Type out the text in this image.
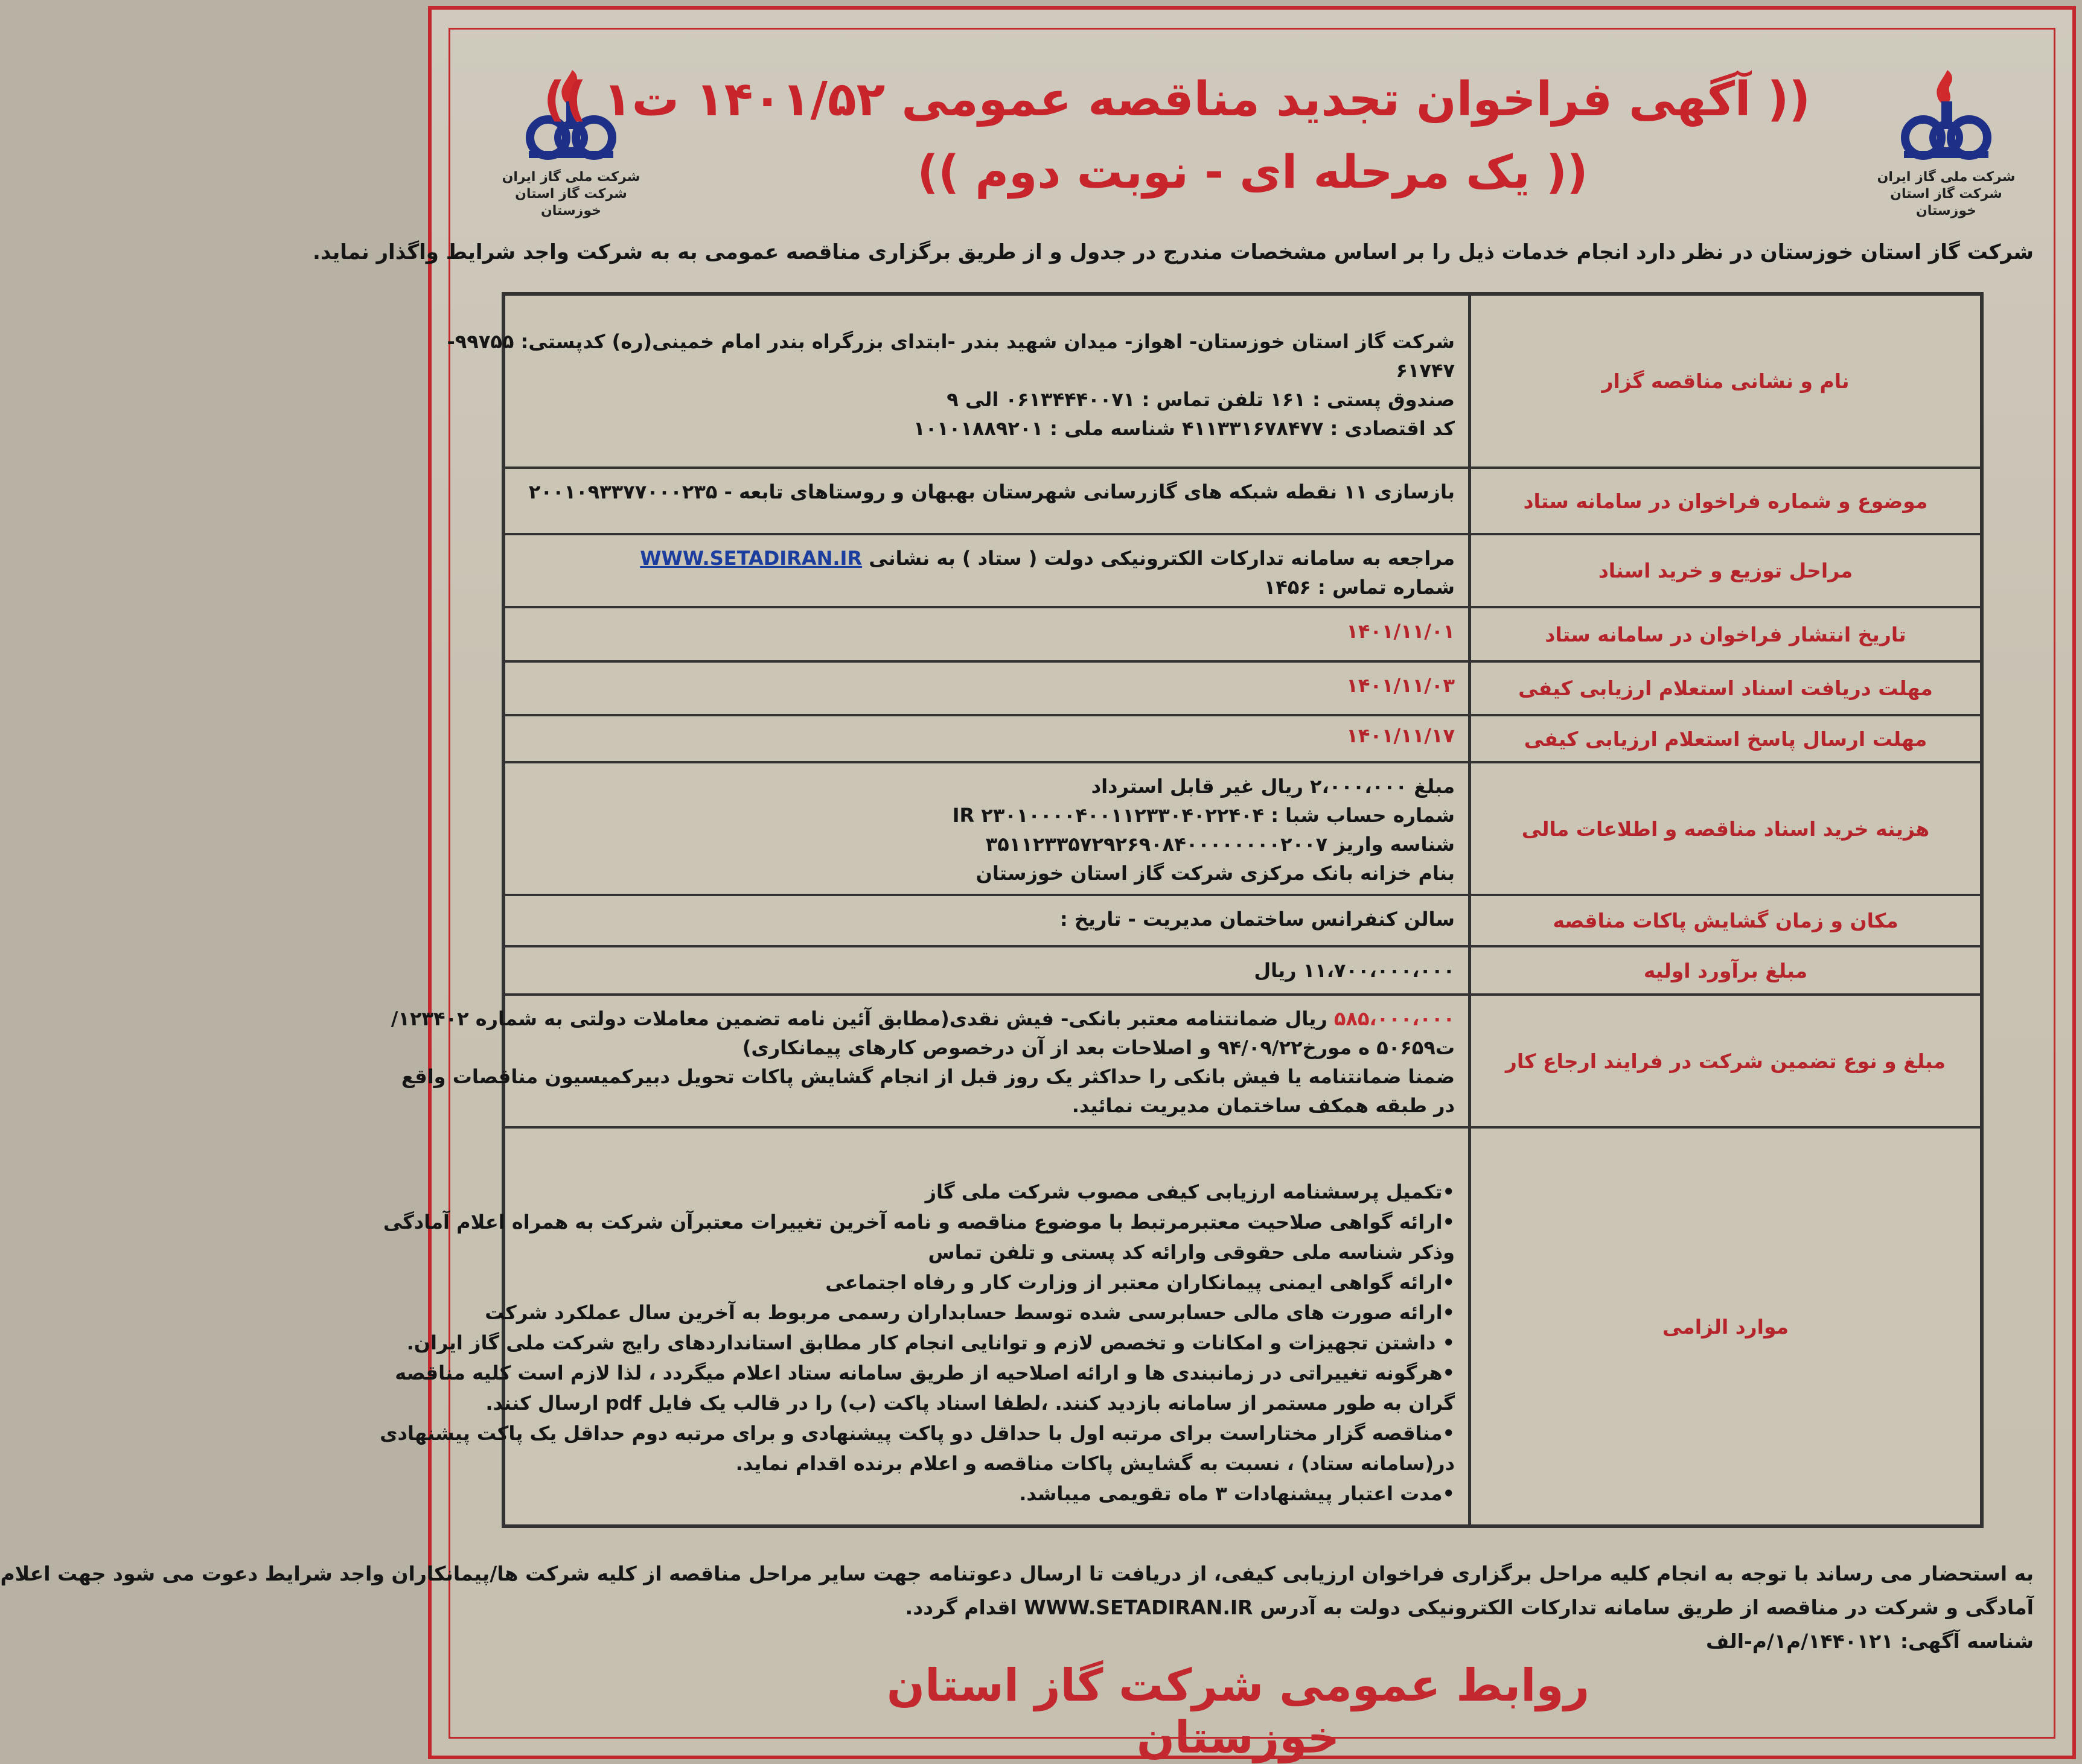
شرکت ملی گاز ایران
شرکت گاز استان خوزستان
شرکت ملی گاز ایران
شرکت گاز استان خوزستان
(( آگهی فراخوان تجدید مناقصه عمومی ۱۴۰۱/۵۲ ت۱ ))
(( یک مرحله ای - نوبت دوم ))
شرکت گاز استان خوزستان در نظر دارد انجام خدمات ذیل را بر اساس مشخصات مندرج در جدول و از طریق برگزاری مناقصه عمومی به به شرکت واجد شرایط واگذار نماید.
نام و نشانی مناقصه گزار
شرکت گاز استان خوزستان- اهواز- میدان شهید بندر -ابتدای بزرگراه بندر امام خمینی(ره) کدپستی: ۹۹۷۵۵-
۶۱۷۴۷
صندوق پستی : ۱۶۱ تلفن تماس : ۰۶۱۳۴۴۴۰۰۷۱ الی ۹
کد اقتصادی : ۴۱۱۳۳۱۶۷۸۴۷۷ شناسه ملی : ۱۰۱۰۱۸۸۹۲۰۱
موضوع و شماره فراخوان در سامانه ستاد
بازسازی ۱۱ نقطه شبکه های گازرسانی شهرستان بهبهان و روستاهای تابعه - ۲۰۰۱۰۹۳۳۷۷۰۰۰۲۳۵
مراحل توزیع و خرید اسناد
مراجعه به سامانه تدارکات الکترونیکی دولت ( ستاد ) به نشانی WWW.SETADIRAN.IR
شماره تماس : ۱۴۵۶
تاریخ انتشار فراخوان در سامانه ستاد
۱۴۰۱/۱۱/۰۱
مهلت دریافت اسناد استعلام ارزیابی کیفی
۱۴۰۱/۱۱/۰۳
مهلت ارسال پاسخ استعلام ارزیابی کیفی
۱۴۰۱/۱۱/۱۷
هزینه خرید اسناد مناقصه و اطلاعات مالی
مبلغ ۲،۰۰۰،۰۰۰ ریال غیر قابل استرداد
شماره حساب شبا : IR ۲۳۰۱۰۰۰۰۴۰۰۱۱۲۳۳۰۴۰۲۲۴۰۴
شناسه واریز ۳۵۱۱۲۳۳۵۷۲۹۲۶۹۰۸۴۰۰۰۰۰۰۰۰۲۰۰۷
بنام خزانه بانک مرکزی شرکت گاز استان خوزستان
مکان و زمان گشایش پاکات مناقصه
سالن کنفرانس ساختمان مدیریت - تاریخ :
مبلغ برآورد اولیه
۱۱،۷۰۰،۰۰۰،۰۰۰ ریال
مبلغ و نوع تضمین شرکت در فرایند ارجاع کار
۵۸۵،۰۰۰،۰۰۰ ریال ضمانتنامه معتبر بانکی- فیش نقدی(مطابق آئین نامه تضمین معاملات دولتی به شماره ۱۲۳۴۰۲/
ت۵۰۶۵۹ ه مورخ۹۴/۰۹/۲۲ و اصلاحات بعد از آن درخصوص کارهای پیمانکاری)
ضمنا ضمانتنامه یا فیش بانکی را حداکثر یک روز قبل از انجام گشایش پاکات تحویل دبیرکمیسیون مناقصات واقع
در طبقه همکف ساختمان مدیریت نمائید.
موارد الزامی
•تکمیل پرسشنامه ارزیابی کیفی مصوب شرکت ملی گاز
•ارائه گواهی صلاحیت معتبرمرتبط با موضوع مناقصه و نامه آخرین تغییرات معتبرآن شرکت به همراه اعلام آمادگی
وذکر شناسه ملی حقوقی وارائه کد پستی و تلفن تماس
•ارائه گواهی ایمنی پیمانکاران معتبر از وزارت کار و رفاه اجتماعی
•ارائه صورت های مالی حسابرسی شده توسط حسابداران رسمی مربوط به آخرین سال عملکرد شرکت
• داشتن تجهیزات و امکانات و تخصص لازم و توانایی انجام کار مطابق استانداردهای رایج شرکت ملی گاز ایران.
•هرگونه تغییراتی در زمانبندی ها و ارائه اصلاحیه از طریق سامانه ستاد اعلام میگردد ، لذا لازم است کلیه مناقصه
گران به طور مستمر از سامانه بازدید کنند. ،لطفا اسناد پاکت (ب) را در قالب یک فایل pdf ارسال کنند.
•مناقصه گزار مختاراست برای مرتبه اول با حداقل دو پاکت پیشنهادی و برای مرتبه دوم حداقل یک پاکت پیشنهادی
در(سامانه ستاد) ، نسبت به گشایش پاکات مناقصه و اعلام برنده اقدام نماید.
•مدت اعتبار پیشنهادات ۳ ماه تقویمی میباشد.
به استحضار می رساند با توجه به انجام کلیه مراحل برگزاری فراخوان ارزیابی کیفی، از دریافت تا ارسال دعوتنامه جهت سایر مراحل مناقصه از کلیه شرکت ها/پیمانکاران واجد شرایط دعوت می شود جهت اعلام
آمادگی و شرکت در مناقصه از طریق سامانه تدارکات الکترونیکی دولت به آدرس WWW.SETADIRAN.IR اقدام گردد.
شناسه آگهی: ۱۴۴۰۱۲۱/م۱/م-الف
روابط عمومی شرکت گاز استان خوزستان
